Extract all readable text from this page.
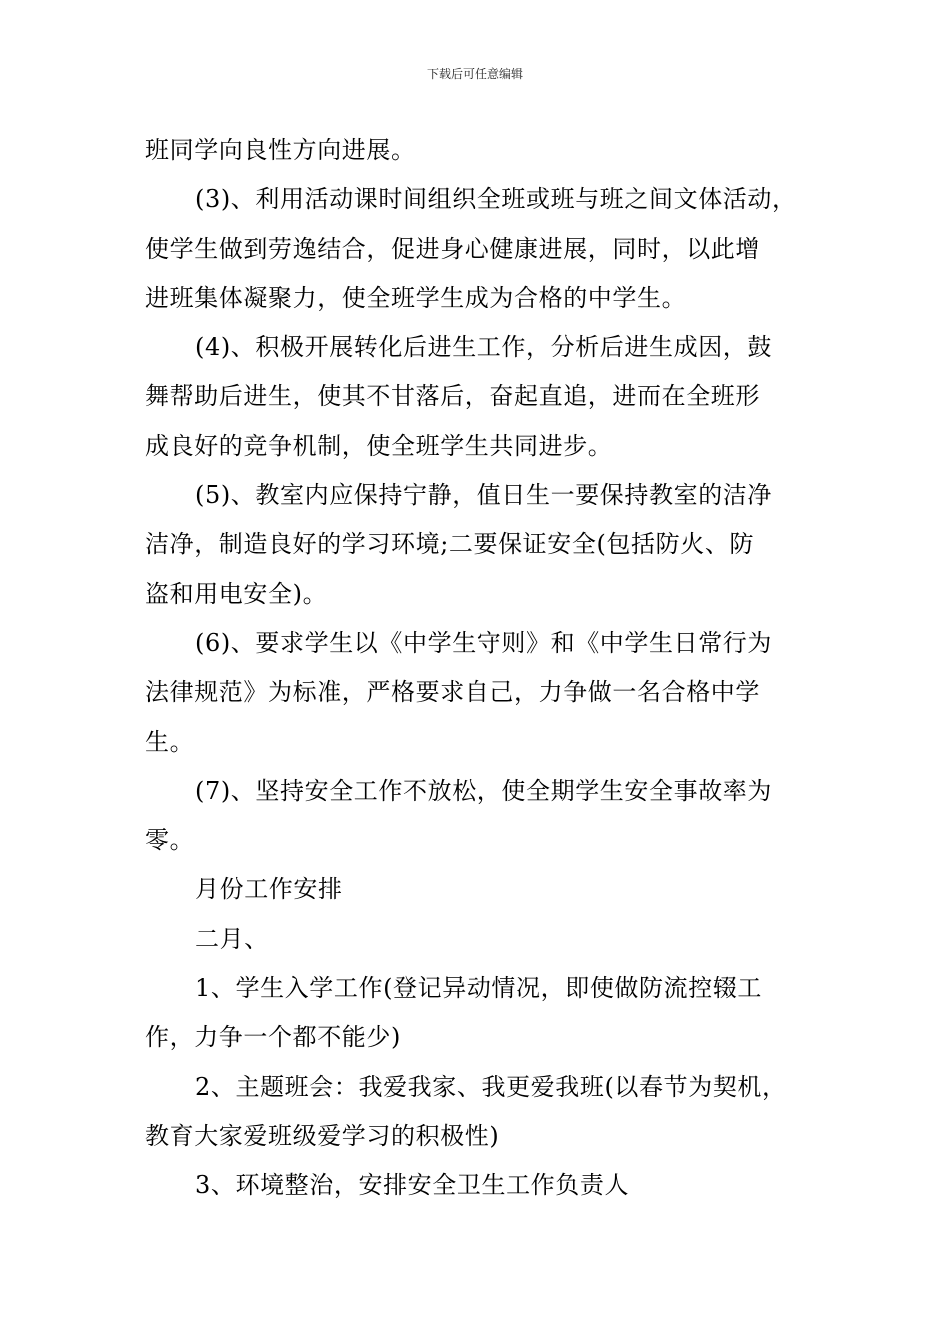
下载后可任意编辑

班同学向良性方向进展。

(3)、利用活动课时间组织全班或班与班之间文体活动，
使学生做到劳逸结合，促进身心健康进展，同时，以此增
进班集体凝聚力，使全班学生成为合格的中学生。

(4)、积极开展转化后进生工作，分析后进生成因，鼓
舞帮助后进生，使其不甘落后，奋起直追，进而在全班形
成良好的竞争机制，使全班学生共同进步。

(5)、教室内应保持宁静，值日生一要保持教室的洁净
洁净，制造良好的学习环境;二要保证安全(包括防火、防
盗和用电安全)。

(6)、要求学生以《中学生守则》和《中学生日常行为
法律规范》为标准，严格要求自己，力争做一名合格中学
生。

(7)、坚持安全工作不放松，使全期学生安全事故率为
零。

月份工作安排

二月、

1、学生入学工作(登记异动情况，即使做防流控辍工
作，力争一个都不能少)

2、主题班会：我爱我家、我更爱我班(以春节为契机，
教育大家爱班级爱学习的积极性)

3、环境整治，安排安全卫生工作负责人
